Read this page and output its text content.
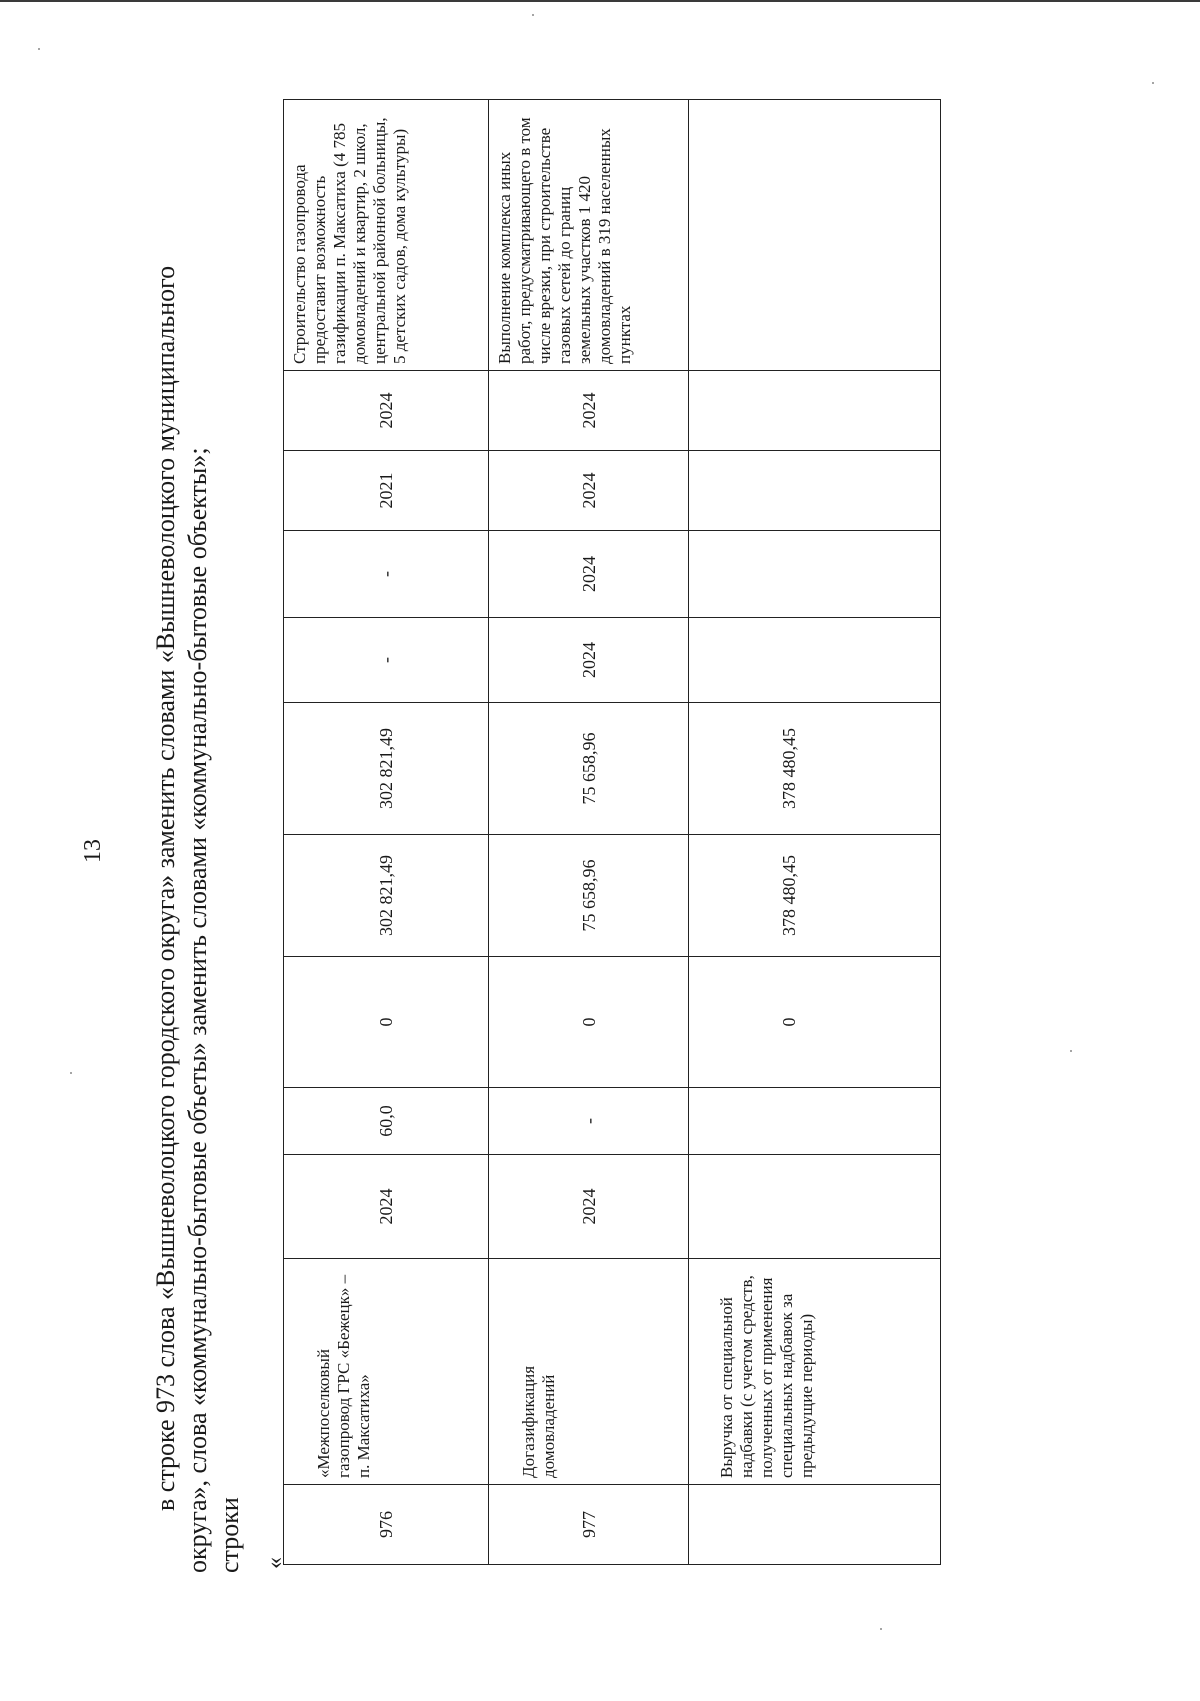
13 в строке 973 слова «Вышневолоцкого городского округа» заменить словами «Вышневолоцкого муниципального округа», слова «коммунально-бытовые объеты» заменить словами «коммунально-бытовые объекты»; строки «
976	«Межпоселковый газопровод ГРС «Бежецк» – п. Максатиха»	2024	60,0	0	302 821,49	302 821,49	-	-	2021	2024	Строительство газопровода предоставит возможность газификации п. Максатиха (4 785 домовладений и квартир, 2 школ, центральной районной больницы, 5 детских садов, дома культуры)
977	Догазификация домовладений	2024	-	0	75 658,96	75 658,96	2024	2024	2024	2024	Выполнение комплекса иных работ, предусматривающего в том числе врезки, при строительстве газовых сетей до границ земельных участков 1 420 домовладений в 319 населенных пунктах
	Выручка от специальной надбавки (с учетом средств, полученных от применения специальных надбавок за предыдущие периоды)			0	378 480,45	378 480,45					
